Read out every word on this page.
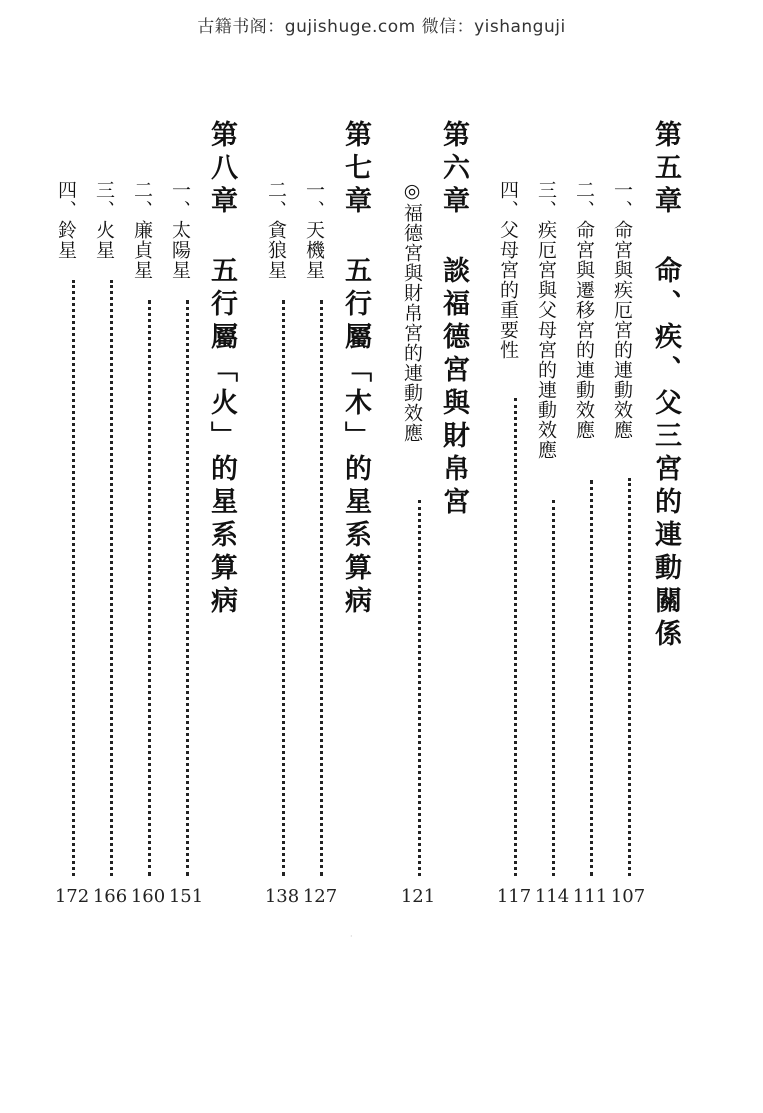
古籍书阁：gujishuge.com 微信：yishanguji
第五章 命、疾、父三宮的連動關係
一、命宮與疾厄宮的連動效應
107
二、命宮與遷移宮的連動效應
111
三、疾厄宮與父母宮的連動效應
114
四、父母宮的重要性
117
第六章 談福德宮與財帛宮
◎福德宮與財帛宮的連動效應
121
第七章 五行屬「木」的星系算病
一、天機星
127
二、貪狼星
138
第八章 五行屬「火」的星系算病
一、太陽星
151
二、廉貞星
160
三、火星
166
四、鈴星
172
·
